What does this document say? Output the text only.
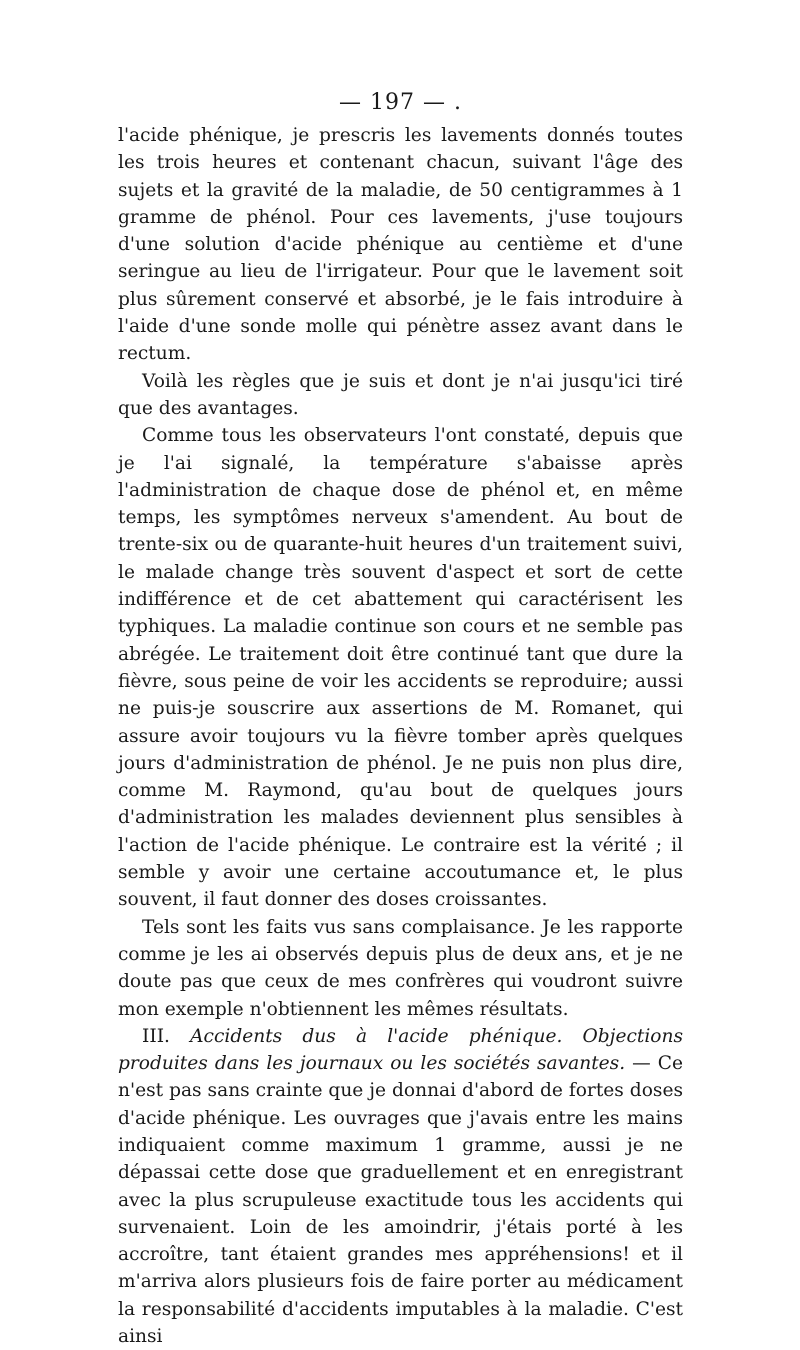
— 197 — .

l'acide phénique, je prescris les lavements donnés toutes les trois heures et contenant chacun, suivant l'âge des sujets et la gravité de la maladie, de 50 centigrammes à 1 gramme de phénol. Pour ces lavements, j'use toujours d'une solution d'acide phénique au centième et d'une seringue au lieu de l'irrigateur. Pour que le lavement soit plus sûrement conservé et absorbé, je le fais introduire à l'aide d'une sonde molle qui pénètre assez avant dans le rectum.

Voilà les règles que je suis et dont je n'ai jusqu'ici tiré que des avantages.

Comme tous les observateurs l'ont constaté, depuis que je l'ai signalé, la température s'abaisse après l'administration de chaque dose de phénol et, en même temps, les symptômes nerveux s'amendent. Au bout de trente-six ou de quarante-huit heures d'un traitement suivi, le malade change très souvent d'aspect et sort de cette indifférence et de cet abattement qui caractérisent les typhiques. La maladie continue son cours et ne semble pas abrégée. Le traitement doit être continué tant que dure la fièvre, sous peine de voir les accidents se reproduire; aussi ne puis-je souscrire aux assertions de M. Romanet, qui assure avoir toujours vu la fièvre tomber après quelques jours d'administration de phénol. Je ne puis non plus dire, comme M. Raymond, qu'au bout de quelques jours d'administration les malades deviennent plus sensibles à l'action de l'acide phénique. Le contraire est la vérité ; il semble y avoir une certaine accoutumance et, le plus souvent, il faut donner des doses croissantes.

Tels sont les faits vus sans complaisance. Je les rapporte comme je les ai observés depuis plus de deux ans, et je ne doute pas que ceux de mes confrères qui voudront suivre mon exemple n'obtiennent les mêmes résultats.

III. Accidents dus à l'acide phénique. Objections produites dans les journaux ou les sociétés savantes. — Ce n'est pas sans crainte que je donnai d'abord de fortes doses d'acide phénique. Les ouvrages que j'avais entre les mains indiquaient comme maximum 1 gramme, aussi je ne dépassai cette dose que graduellement et en enregistrant avec la plus scrupuleuse exactitude tous les accidents qui survenaient. Loin de les amoindrir, j'étais porté à les accroître, tant étaient grandes mes appréhensions! et il m'arriva alors plusieurs fois de faire porter au médicament la responsabilité d'accidents imputables à la maladie. C'est ainsi
